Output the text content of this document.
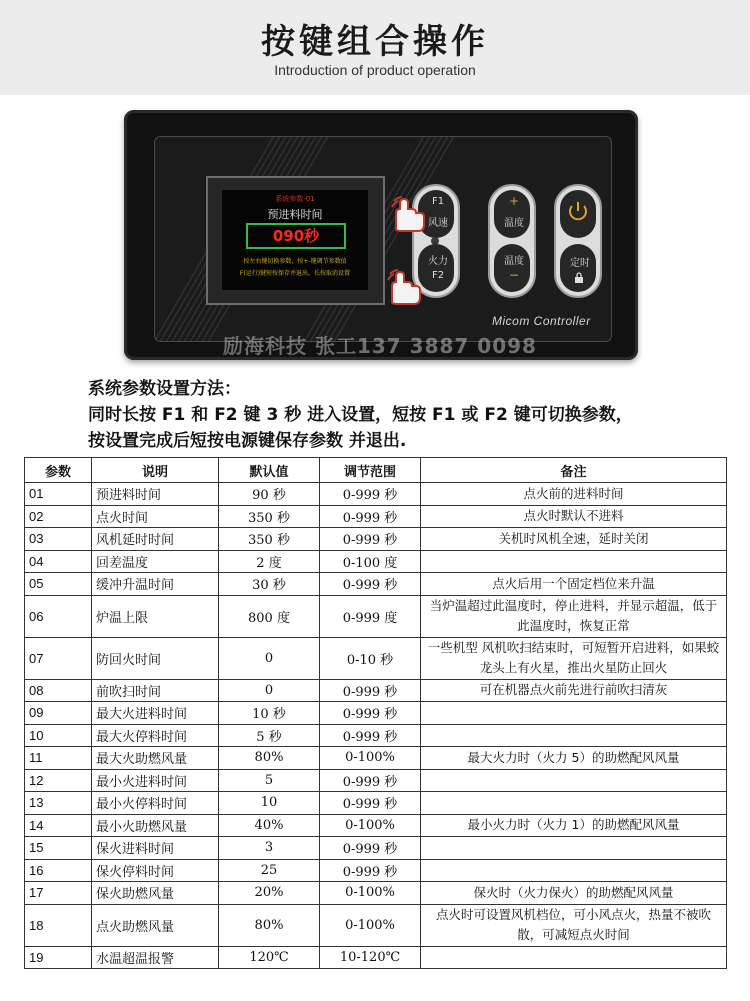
按键组合操作
Introduction of product operation
系统参数-01
预进料时间
090秒
按左右键切换参数，按+-键调节参数值
F(运行)键短按保存并退出，长按取消设置
F1
风速
火力
F2
+
温度
温度
−
定时
Micom Controller
励海科技 张工137 3887 0098
系统参数设置方法：
同时长按 F1 和 F2 键 3 秒 进入设置，短按 F1 或 F2 键可切换参数，
按设置完成后短按电源键保存参数 并退出.
参数	说明	默认值	调节范围	备注
01	预进料时间	90 秒	0-999 秒	点火前的进料时间
02	点火时间	350 秒	0-999 秒	点火时默认不进料
03	风机延时时间	350 秒	0-999 秒	关机时风机全速，延时关闭
04	回差温度	2 度	0-100 度	
05	缓冲升温时间	30 秒	0-999 秒	点火后用一个固定档位来升温
06	炉温上限	800 度	0-999 度	当炉温超过此温度时，停止进料，并显示超温，低于此温度时，恢复正常
07	防回火时间	0	0-10 秒	一些机型 风机吹扫结束时，可短暂开启进料，如果蛟龙头上有火星，推出火星防止回火
08	前吹扫时间	0	0-999 秒	可在机器点火前先进行前吹扫清灰
09	最大火进料时间	10 秒	0-999 秒	
10	最大火停料时间	5 秒	0-999 秒	
11	最大火助燃风量	80%	0-100%	最大火力时（火力 5）的助燃配风风量
12	最小火进料时间	5	0-999 秒	
13	最小火停料时间	10	0-999 秒	
14	最小火助燃风量	40%	0-100%	最小火力时（火力 1）的助燃配风风量
15	保火进料时间	3	0-999 秒	
16	保火停料时间	25	0-999 秒	
17	保火助燃风量	20%	0-100%	保火时（火力保火）的助燃配风风量
18	点火助燃风量	80%	0-100%	点火时可设置风机档位，可小风点火，热量不被吹散，可减短点火时间
19	水温超温报警	120℃	10-120℃	
